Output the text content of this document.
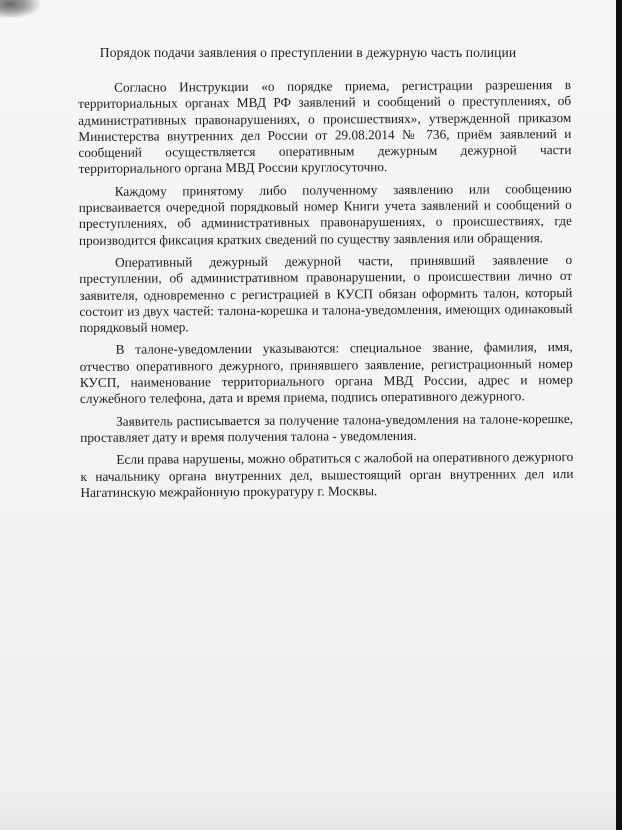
Порядок подачи заявления о преступлении в дежурную часть полиции

Согласно Инструкции «о порядке приема, регистрации разрешения в территориальных органах МВД РФ заявлений и сообщений о преступлениях, об административных правонарушениях, о происшествиях», утвержденной приказом Министерства внутренних дел России от 29.08.2014 № 736, приём заявлений и сообщений осуществляется оперативным дежурным дежурной части территориального органа МВД России круглосуточно.

Каждому принятому либо полученному заявлению или сообщению присваивается очередной порядковый номер Книги учета заявлений и сообщений о преступлениях, об административных правонарушениях, о происшествиях, где производится фиксация кратких сведений по существу заявления или обращения.

Оперативный дежурный дежурной части, принявший заявление о преступлении, об административном правонарушении, о происшествии лично от заявителя, одновременно с регистрацией в КУСП обязан оформить талон, который состоит из двух частей: талона-корешка и талона-уведомления, имеющих одинаковый порядковый номер.

В талоне-уведомлении указываются: специальное звание, фамилия, имя, отчество оперативного дежурного, принявшего заявление, регистрационный номер КУСП, наименование территориального органа МВД России, адрес и номер служебного телефона, дата и время приема, подпись оперативного дежурного.

Заявитель расписывается за получение талона-уведомления на талоне-корешке, проставляет дату и время получения талона - уведомления.

Если права нарушены, можно обратиться с жалобой на оперативного дежурного к начальнику органа внутренних дел, вышестоящий орган внутренних дел или Нагатинскую межрайонную прокуратуру г. Москвы.
